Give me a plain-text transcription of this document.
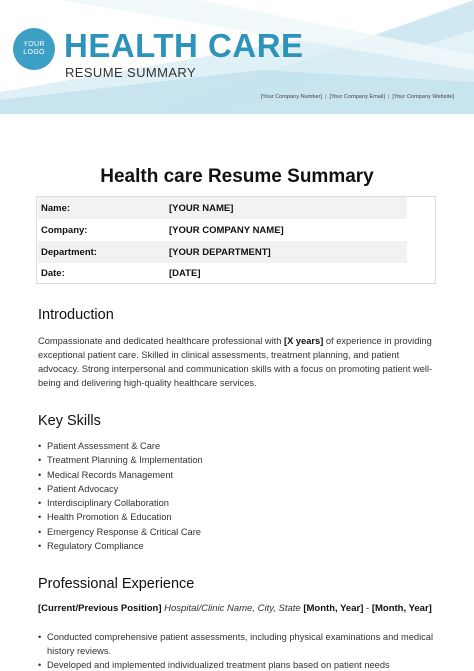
YOUR
LOGO HEALTH CARE
RESUME SUMMARY
[Your Company Number] | [Your Company Email] | [Your Company Website]
Health care Resume Summary
Name:	[YOUR NAME]
Company:	[YOUR COMPANY NAME]
Department:	[YOUR DEPARTMENT]
Date:	[DATE]
Introduction

Compassionate and dedicated healthcare professional with [X years] of experience in providing exceptional patient care. Skilled in clinical assessments, treatment planning, and patient advocacy. Strong interpersonal and communication skills with a focus on promoting patient well-being and delivering high-quality healthcare services.

Key Skills
• Patient Assessment & Care
• Treatment Planning & Implementation
• Medical Records Management
• Patient Advocacy
• Interdisciplinary Collaboration
• Health Promotion & Education
• Emergency Response & Critical Care
• Regulatory Compliance
Professional Experience

[Current/Previous Position] Hospital/Clinic Name, City, State [Month, Year] - [Month, Year]

• Conducted comprehensive patient assessments, including physical examinations and medical history reviews.
• Developed and implemented individualized treatment plans based on patient needs
